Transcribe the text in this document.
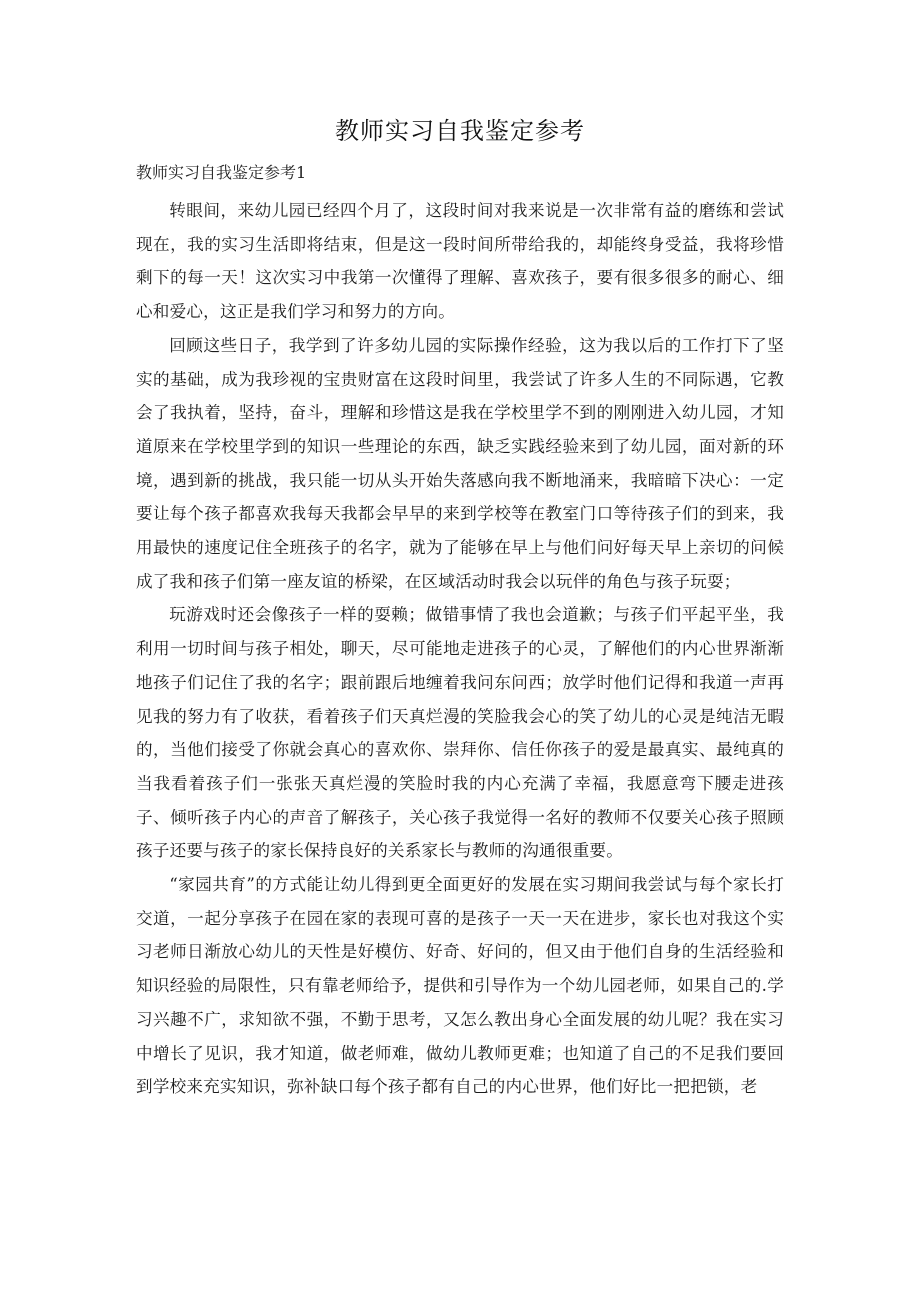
教师实习自我鉴定参考
教师实习自我鉴定参考1

转眼间，来幼儿园已经四个月了，这段时间对我来说是一次非常有益的磨练和尝试现在，我的实习生活即将结束，但是这一段时间所带给我的，却能终身受益，我将珍惜剩下的每一天！这次实习中我第一次懂得了理解、喜欢孩子，要有很多很多的耐心、细心和爱心，这正是我们学习和努力的方向。

回顾这些日子，我学到了许多幼儿园的实际操作经验，这为我以后的工作打下了坚实的基础，成为我珍视的宝贵财富在这段时间里，我尝试了许多人生的不同际遇，它教会了我执着，坚持，奋斗，理解和珍惜这是我在学校里学不到的刚刚进入幼儿园，才知道原来在学校里学到的知识一些理论的东西，缺乏实践经验来到了幼儿园，面对新的环境，遇到新的挑战，我只能一切从头开始失落感向我不断地涌来，我暗暗下决心：一定要让每个孩子都喜欢我每天我都会早早的来到学校等在教室门口等待孩子们的到来，我用最快的速度记住全班孩子的名字，就为了能够在早上与他们问好每天早上亲切的问候成了我和孩子们第一座友谊的桥梁，在区域活动时我会以玩伴的角色与孩子玩耍；

玩游戏时还会像孩子一样的耍赖；做错事情了我也会道歉；与孩子们平起平坐，我利用一切时间与孩子相处，聊天，尽可能地走进孩子的心灵，了解他们的内心世界渐渐地孩子们记住了我的名字；跟前跟后地缠着我问东问西；放学时他们记得和我道一声再见我的努力有了收获，看着孩子们天真烂漫的笑脸我会心的笑了幼儿的心灵是纯洁无暇的，当他们接受了你就会真心的喜欢你、崇拜你、信任你孩子的爱是最真实、最纯真的当我看着孩子们一张张天真烂漫的笑脸时我的内心充满了幸福，我愿意弯下腰走进孩子、倾听孩子内心的声音了解孩子，关心孩子我觉得一名好的教师不仅要关心孩子照顾孩子还要与孩子的家长保持良好的关系家长与教师的沟通很重要。

“家园共育”的方式能让幼儿得到更全面更好的发展在实习期间我尝试与每个家长打交道，一起分享孩子在园在家的表现可喜的是孩子一天一天在进步，家长也对我这个实习老师日渐放心幼儿的天性是好模仿、好奇、好问的，但又由于他们自身的生活经验和知识经验的局限性，只有靠老师给予，提供和引导作为一个幼儿园老师，如果自己的.学习兴趣不广，求知欲不强，不勤于思考，又怎么教出身心全面发展的幼儿呢？我在实习中增长了见识，我才知道，做老师难，做幼儿教师更难；也知道了自己的不足我们要回到学校来充实知识，弥补缺口每个孩子都有自己的内心世界，他们好比一把把锁，老
